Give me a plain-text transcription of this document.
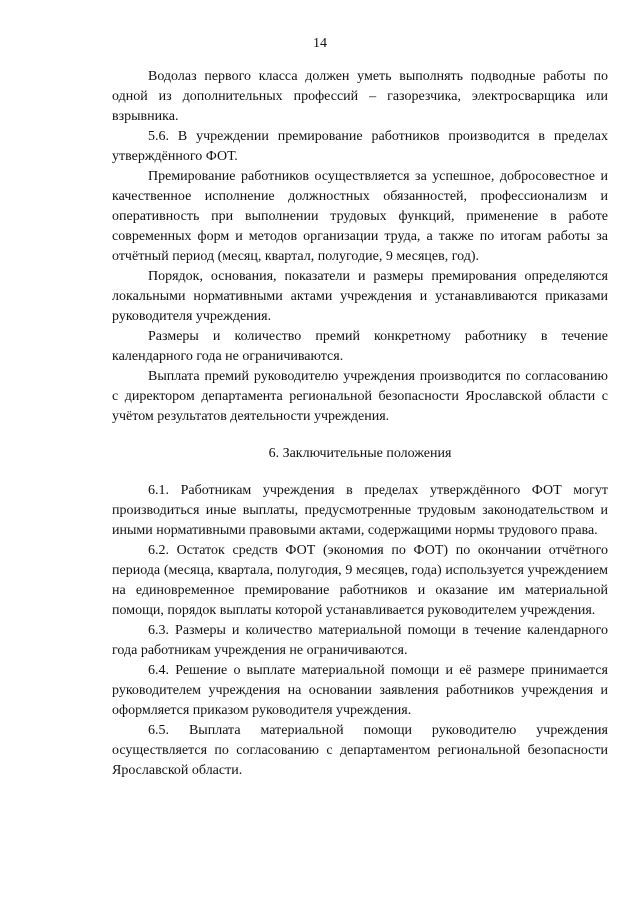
14

Водолаз первого класса должен уметь выполнять подводные работы по одной из дополнительных профессий – газорезчика, электросварщика или взрывника.

5.6. В учреждении премирование работников производится в пределах утверждённого ФОТ.

Премирование работников осуществляется за успешное, добросовестное и качественное исполнение должностных обязанностей, профессионализм и оперативность при выполнении трудовых функций, применение в работе современных форм и методов организации труда, а также по итогам работы за отчётный период (месяц, квартал, полугодие, 9 месяцев, год).

Порядок, основания, показатели и размеры премирования определяются локальными нормативными актами учреждения и устанавливаются приказами руководителя учреждения.

Размеры и количество премий конкретному работнику в течение календарного года не ограничиваются.

Выплата премий руководителю учреждения производится по согласованию с директором департамента региональной безопасности Ярославской области с учётом результатов деятельности учреждения.

6. Заключительные положения

6.1. Работникам учреждения в пределах утверждённого ФОТ могут производиться иные выплаты, предусмотренные трудовым законодательством и иными нормативными правовыми актами, содержащими нормы трудового права.

6.2. Остаток средств ФОТ (экономия по ФОТ) по окончании отчётного периода (месяца, квартала, полугодия, 9 месяцев, года) используется учреждением на единовременное премирование работников и оказание им материальной помощи, порядок выплаты которой устанавливается руководителем учреждения.

6.3. Размеры и количество материальной помощи в течение календарного года работникам учреждения не ограничиваются.

6.4. Решение о выплате материальной помощи и её размере принимается руководителем учреждения на основании заявления работников учреждения и оформляется приказом руководителя учреждения.

6.5. Выплата материальной помощи руководителю учреждения осуществляется по согласованию с департаментом региональной безопасности Ярославской области.
